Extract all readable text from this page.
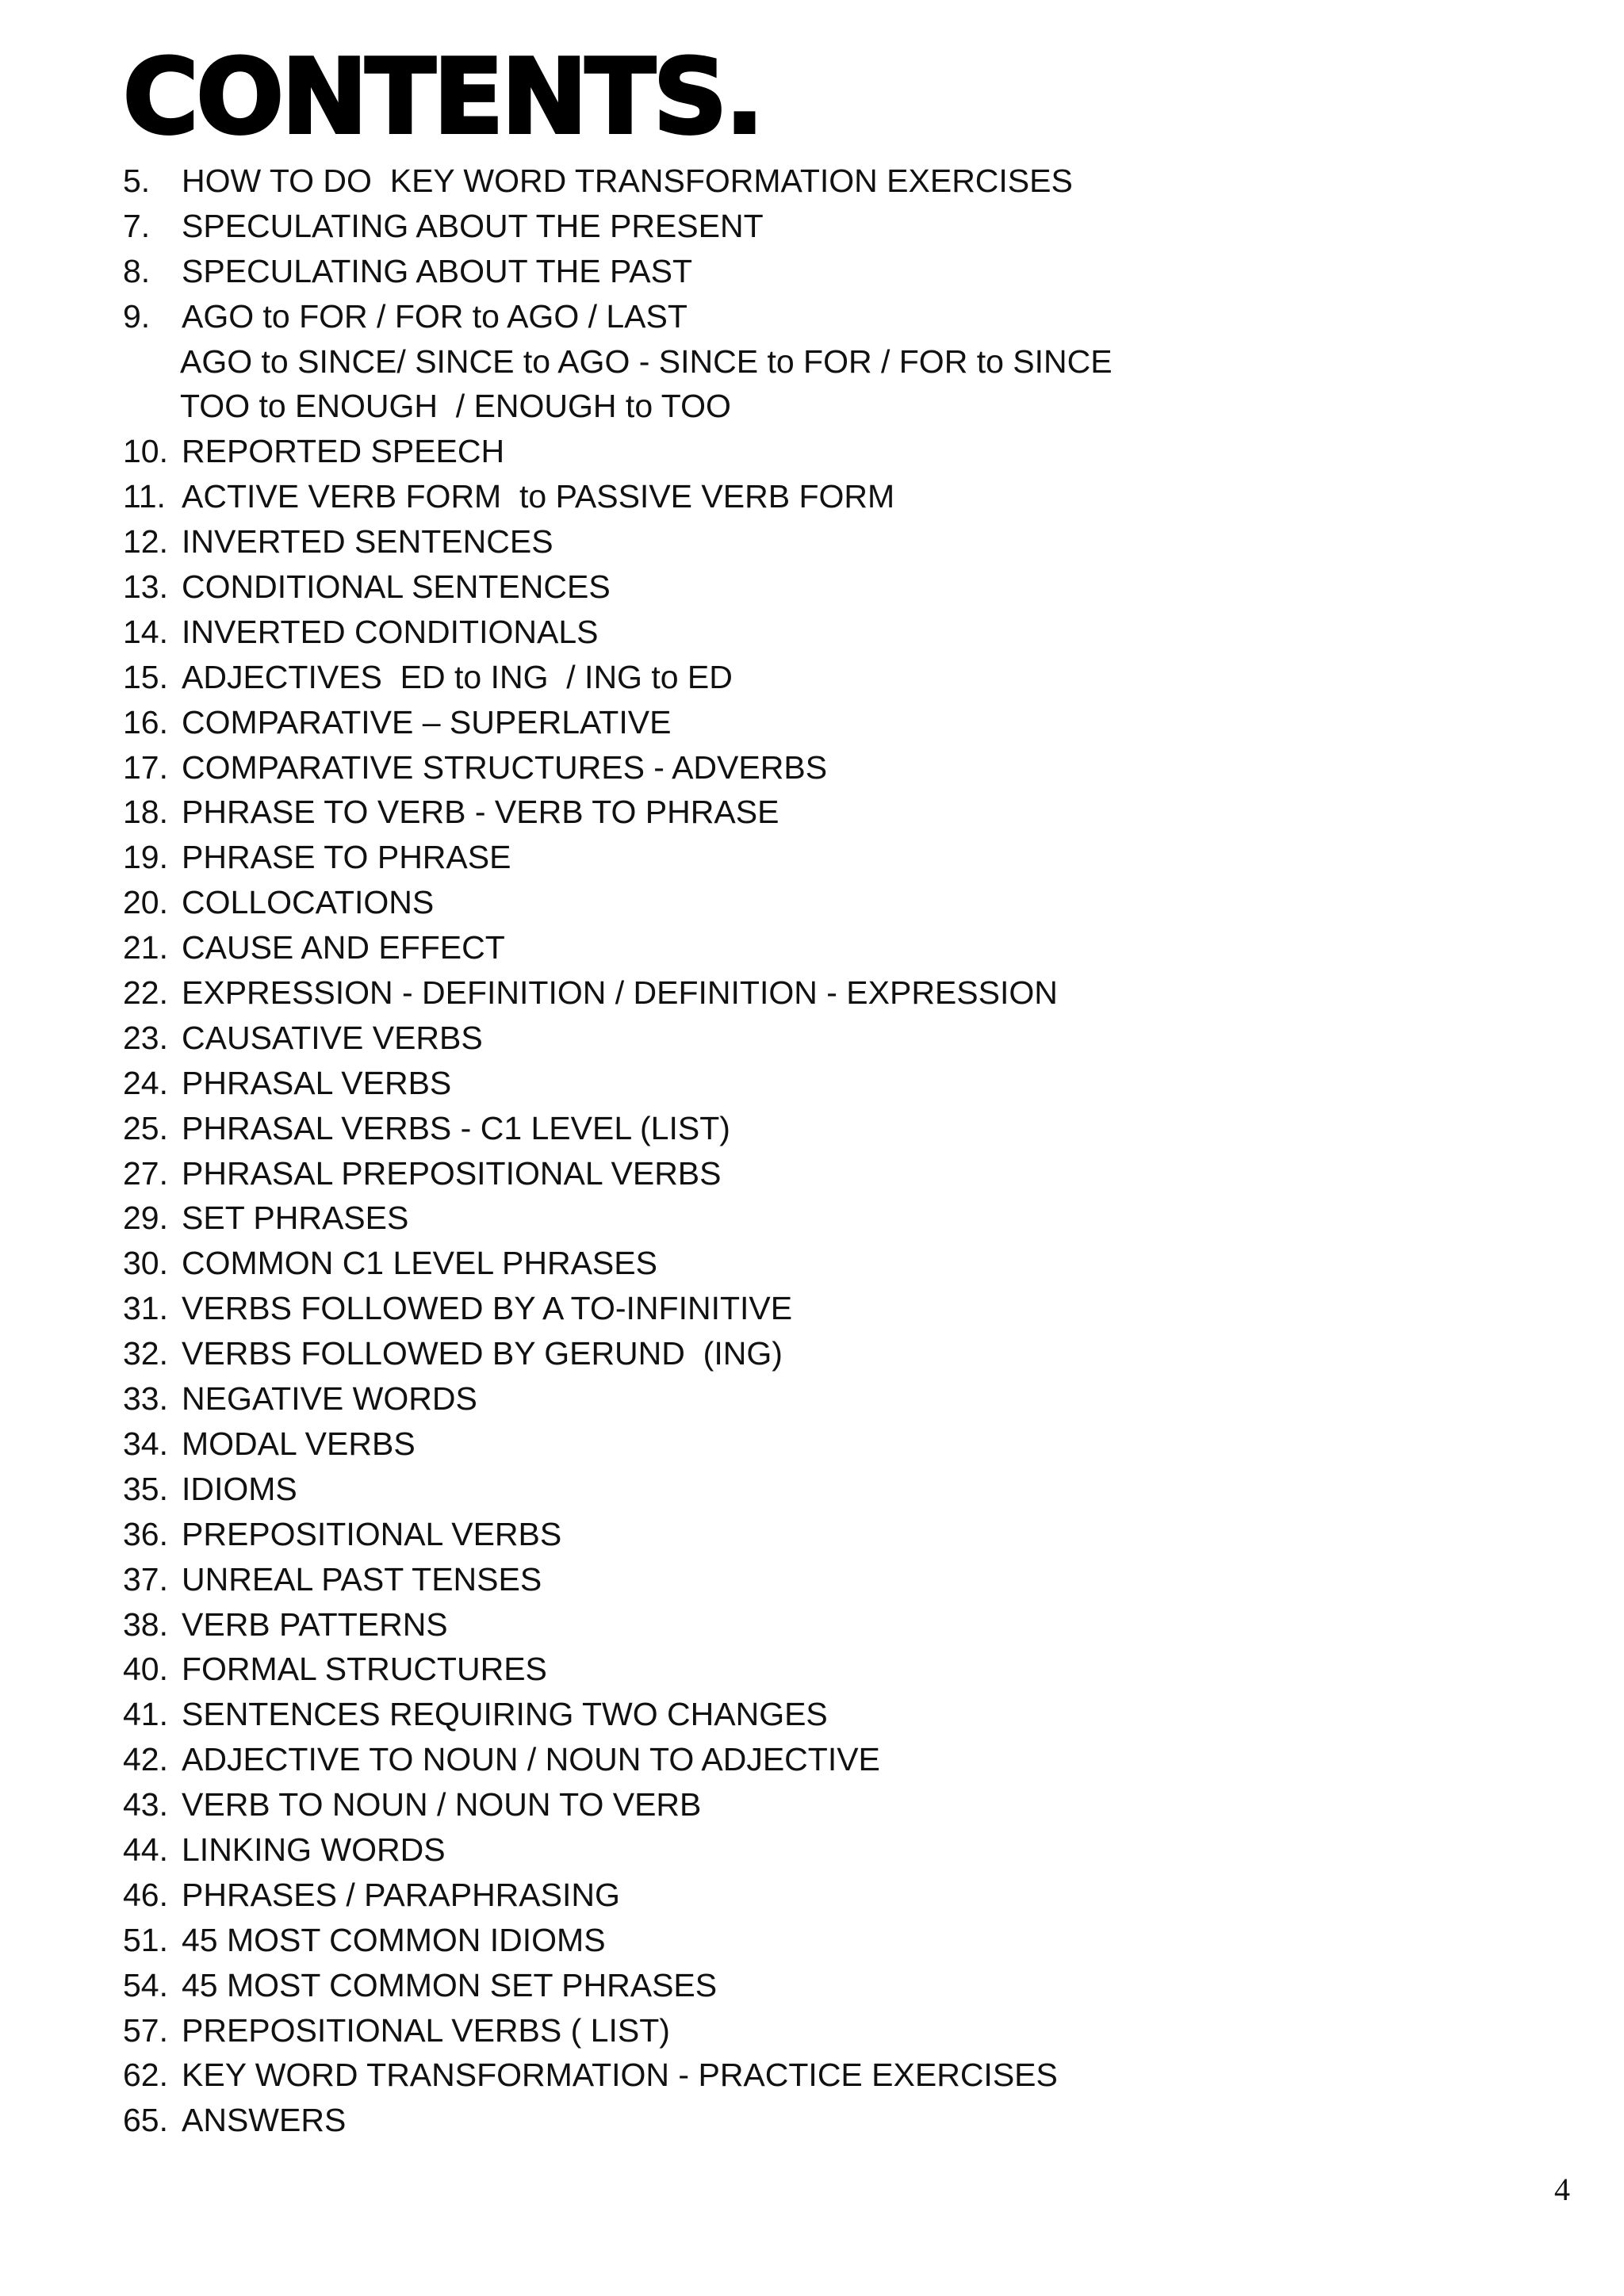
CONTENTS.
5. HOW TO DO  KEY WORD TRANSFORMATION EXERCISES
7. SPECULATING ABOUT THE PRESENT
8. SPECULATING ABOUT THE PAST
9. AGO to FOR / FOR to AGO / LAST
AGO to SINCE/ SINCE to AGO - SINCE to FOR / FOR to SINCE
TOO to ENOUGH  / ENOUGH to TOO
10. REPORTED SPEECH
11. ACTIVE VERB FORM  to PASSIVE VERB FORM
12. INVERTED SENTENCES
13. CONDITIONAL SENTENCES
14. INVERTED CONDITIONALS
15. ADJECTIVES  ED to ING  / ING to ED
16. COMPARATIVE – SUPERLATIVE
17. COMPARATIVE STRUCTURES - ADVERBS
18. PHRASE TO VERB - VERB TO PHRASE
19. PHRASE TO PHRASE
20. COLLOCATIONS
21. CAUSE AND EFFECT
22. EXPRESSION - DEFINITION / DEFINITION - EXPRESSION
23. CAUSATIVE VERBS
24. PHRASAL VERBS
25. PHRASAL VERBS - C1 LEVEL (LIST)
27. PHRASAL PREPOSITIONAL VERBS
29. SET PHRASES
30. COMMON C1 LEVEL PHRASES
31. VERBS FOLLOWED BY A TO-INFINITIVE
32. VERBS FOLLOWED BY GERUND  (ING)
33. NEGATIVE WORDS
34. MODAL VERBS
35. IDIOMS
36. PREPOSITIONAL VERBS
37. UNREAL PAST TENSES
38. VERB PATTERNS
40. FORMAL STRUCTURES
41. SENTENCES REQUIRING TWO CHANGES
42. ADJECTIVE TO NOUN / NOUN TO ADJECTIVE
43. VERB TO NOUN / NOUN TO VERB
44. LINKING WORDS
46. PHRASES / PARAPHRASING
51. 45 MOST COMMON IDIOMS
54. 45 MOST COMMON SET PHRASES
57. PREPOSITIONAL VERBS ( LIST)
62. KEY WORD TRANSFORMATION - PRACTICE EXERCISES
65. ANSWERS
4
